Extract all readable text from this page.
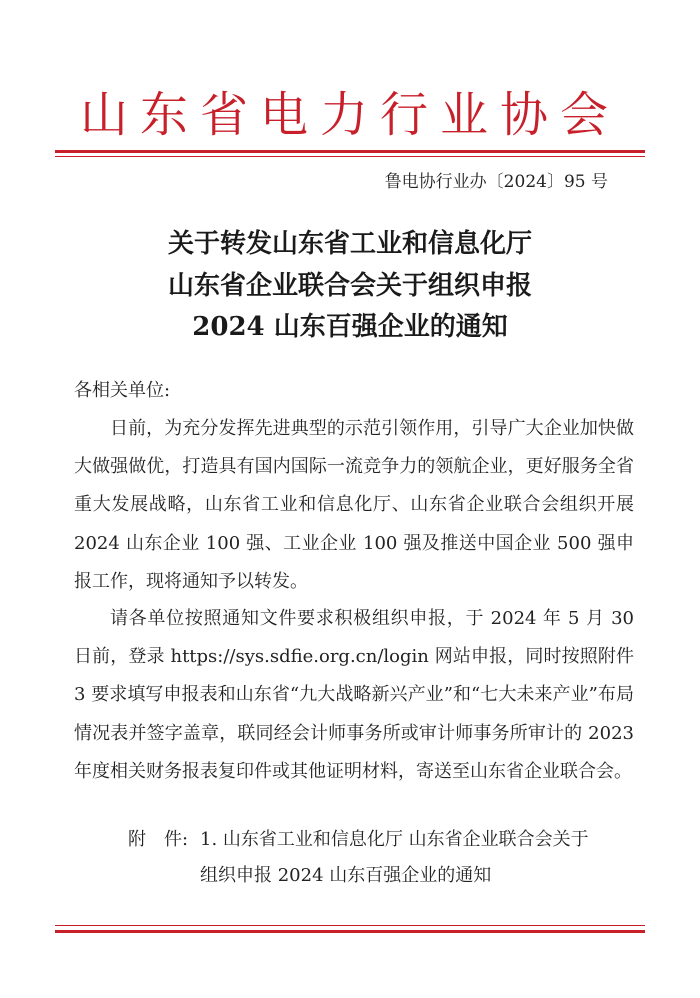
山东省电力行业协会
鲁电协行业办〔2024〕95 号
关于转发山东省工业和信息化厅
山东省企业联合会关于组织申报
2024 山东百强企业的通知
各相关单位:

日前，为充分发挥先进典型的示范引领作用，引导广大企业加快做大做强做优，打造具有国内国际一流竞争力的领航企业，更好服务全省重大发展战略，山东省工业和信息化厅、山东省企业联合会组织开展 2024 山东企业 100 强、工业企业 100 强及推送中国企业 500 强申报工作，现将通知予以转发。

请各单位按照通知文件要求积极组织申报，于 2024 年 5 月 30 日前，登录 https://sys.sdfie.org.cn/login 网站申报，同时按照附件 3 要求填写申报表和山东省“九大战略新兴产业”和“七大未来产业”布局情况表并签字盖章，联同经会计师事务所或审计师事务所审计的 2023 年度相关财务报表复印件或其他证明材料，寄送至山东省企业联合会。

附　件: 1. 山东省工业和信息化厅 山东省企业联合会关于
组织申报 2024 山东百强企业的通知
